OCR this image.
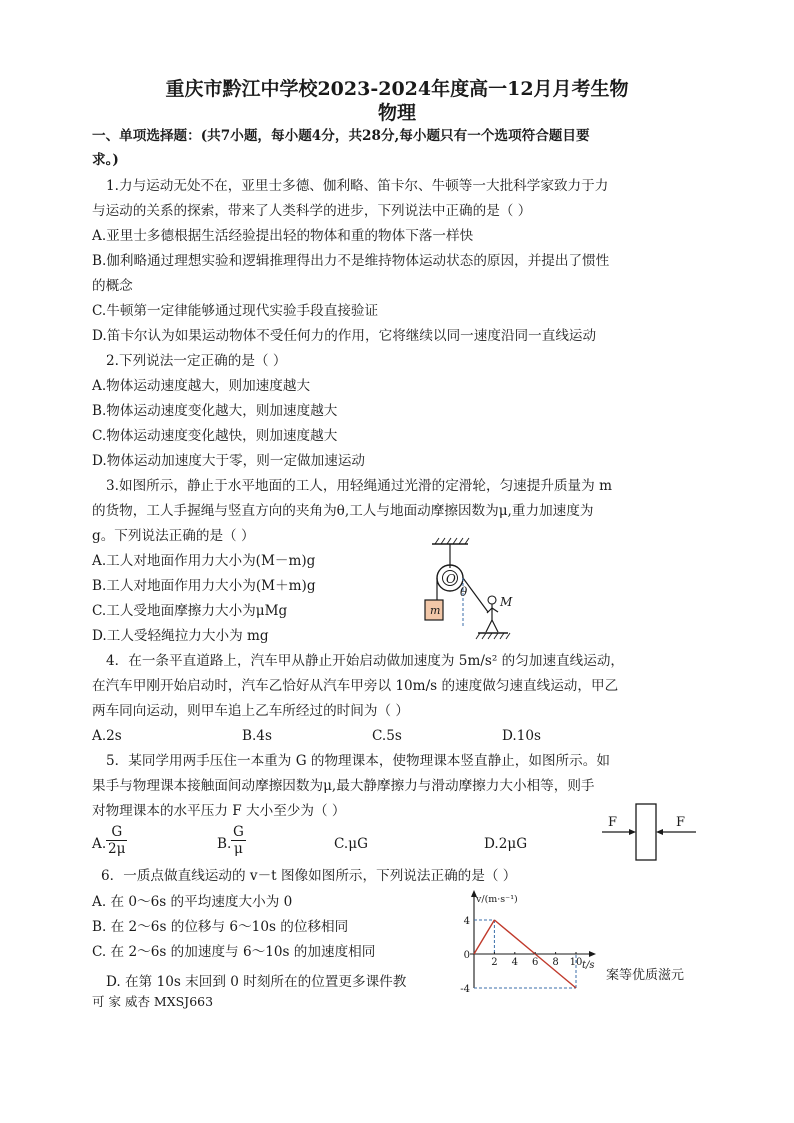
重庆市黔江中学校2023-2024年度高一12月月考生物
物理
一、单项选择题：(共7小题，每小题4分，共28分,每小题只有一个选项符合题目要
求。)
1.力与运动无处不在，亚里士多德、伽利略、笛卡尔、牛顿等一大批科学家致力于力
与运动的关系的探索，带来了人类科学的进步，下列说法中正确的是（ ）
A.亚里士多德根据生活经验提出轻的物体和重的物体下落一样快
B.伽利略通过理想实验和逻辑推理得出力不是维持物体运动状态的原因，并提出了惯性
的概念
C.牛顿第一定律能够通过现代实验手段直接验证
D.笛卡尔认为如果运动物体不受任何力的作用，它将继续以同一速度沿同一直线运动
2.下列说法一定正确的是（ ）
A.物体运动速度越大，则加速度越大
B.物体运动速度变化越大，则加速度越大
C.物体运动速度变化越快，则加速度越大
D.物体运动加速度大于零，则一定做加速运动
3.如图所示，静止于水平地面的工人，用轻绳通过光滑的定滑轮，匀速提升质量为 m
的货物，工人手握绳与竖直方向的夹角为θ,工人与地面动摩擦因数为μ,重力加速度为
g。下列说法正确的是（ ）
A.工人对地面作用力大小为(M－m)g
B.工人对地面作用力大小为(M＋m)g
C.工人受地面摩擦力大小为μMg
D.工人受轻绳拉力大小为 mg
O
m
θ
M
4．在一条平直道路上，汽车甲从静止开始启动做加速度为 5m/s² 的匀加速直线运动，
在汽车甲刚开始启动时，汽车乙恰好从汽车甲旁以 10m/s 的速度做匀速直线运动，甲乙
两车同向运动，则甲车追上乙车所经过的时间为（ ）
A.2s	B.4s	C.5s	D.10s
5．某同学用两手压住一本重为 G 的物理课本，使物理课本竖直静止，如图所示。如
果手与物理课本接触面间动摩擦因数为μ,最大静摩擦力与滑动摩擦力大小相等，则手
对物理课本的水平压力 F 大小至少为（ ）
A. $\frac{G}{2\mu}$	B. $\frac{G}{\mu}$	C.μG	D.2μG
F	F
6．一质点做直线运动的 v－t 图像如图所示，下列说法正确的是（ ）
A. 在 0～6s 的平均速度大小为 0
B. 在 2～6s 的位移与 6～10s 的位移相同
C. 在 2～6s 的加速度与 6～10s 的加速度相同
D. 在第 10s 末回到 0 时刻所在的位置更多课件教
可 家 威杏 MXSJ663
案等优质滋元
v/(m·s⁻¹)
t/s
2 4 6 8 10
4
0
-4
